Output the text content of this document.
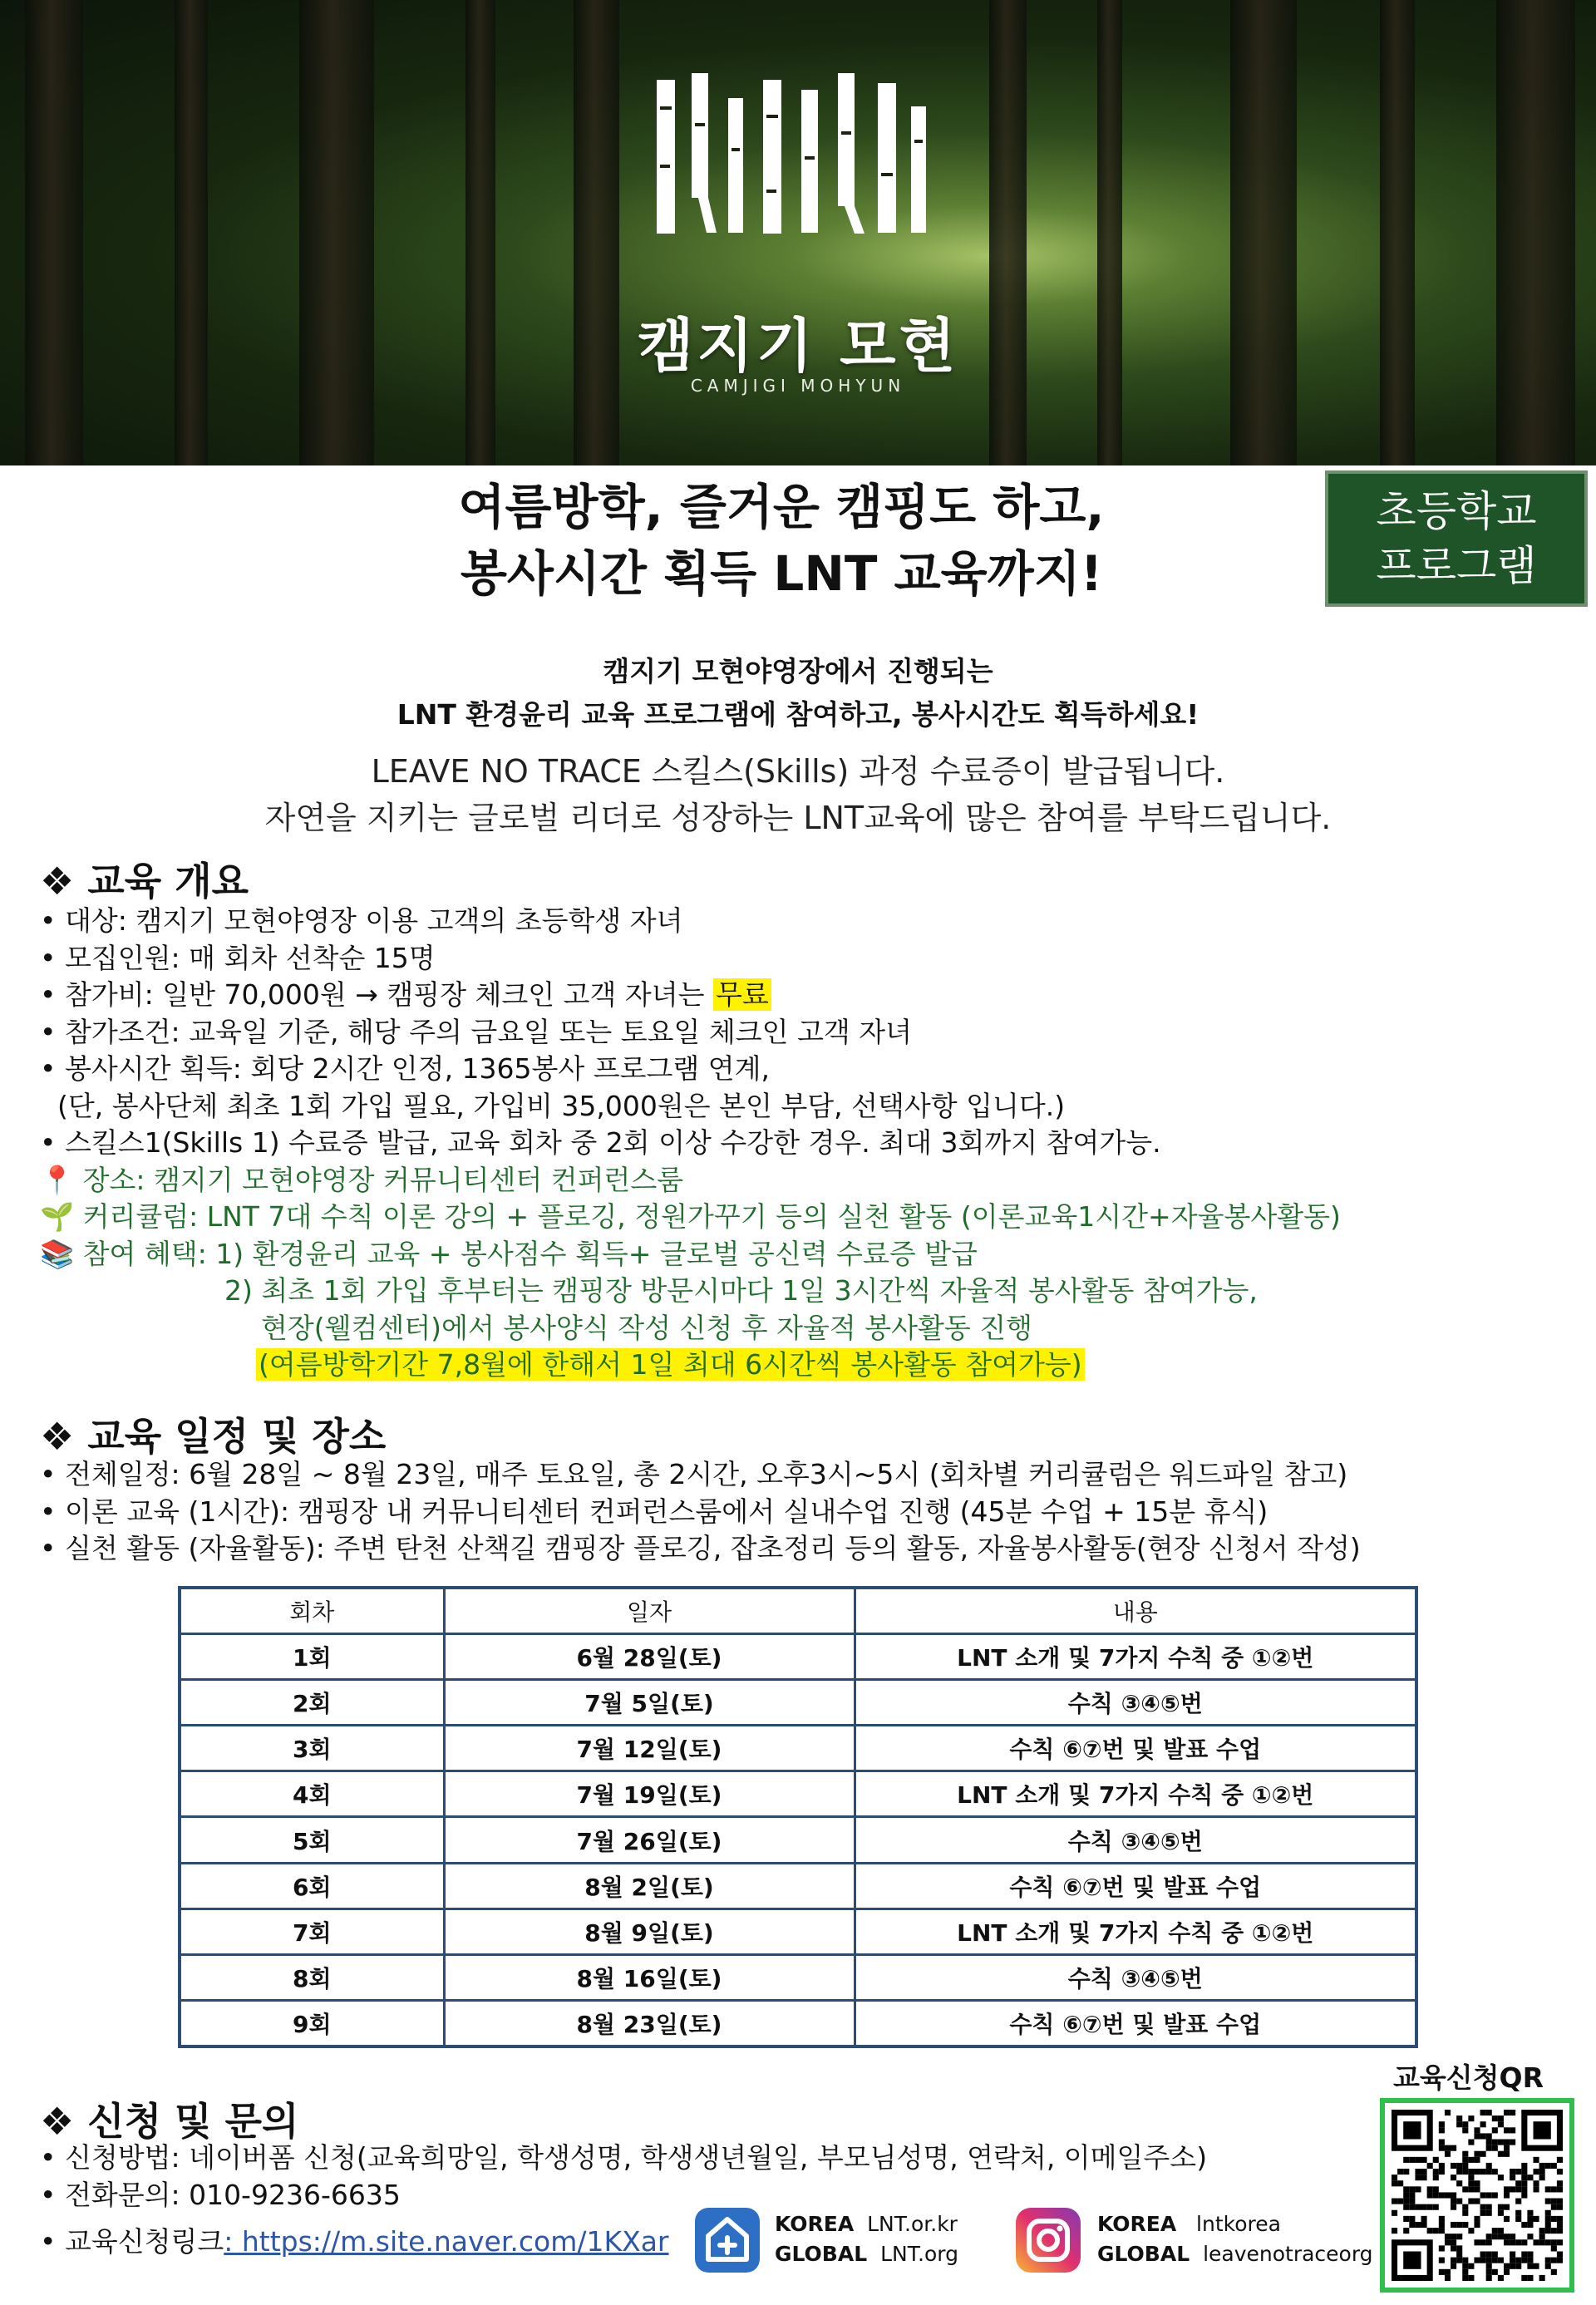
캠지기 모현
CAMJIGI MOHYUN
여름방학, 즐거운 캠핑도 하고,
봉사시간 획득 LNT 교육까지!
초등학교
프로그램
캠지기 모현야영장에서 진행되는
LNT 환경윤리 교육 프로그램에 참여하고, 봉사시간도 획득하세요!
LEAVE NO TRACE 스킬스(Skills) 과정 수료증이 발급됩니다.
자연을 지키는 글로벌 리더로 성장하는 LNT교육에 많은 참여를 부탁드립니다.
❖ 교육 개요
• 대상: 캠지기 모현야영장 이용 고객의 초등학생 자녀
• 모집인원: 매 회차 선착순 15명
• 참가비: 일반 70,000원 → 캠핑장 체크인 고객 자녀는 무료
• 참가조건: 교육일 기준, 해당 주의 금요일 또는 토요일 체크인 고객 자녀
• 봉사시간 획득: 회당 2시간 인정, 1365봉사 프로그램 연계,
(단, 봉사단체 최초 1회 가입 필요, 가입비 35,000원은 본인 부담, 선택사항 입니다.)
• 스킬스1(Skills 1) 수료증 발급, 교육 회차 중 2회 이상 수강한 경우. 최대 3회까지 참여가능.
📍 장소: 캠지기 모현야영장 커뮤니티센터 컨퍼런스룸
🌱 커리큘럼: LNT 7대 수칙 이론 강의 + 플로깅, 정원가꾸기 등의 실천 활동 (이론교육1시간+자율봉사활동)
📚 참여 혜택: 1) 환경윤리 교육 + 봉사점수 획득+ 글로벌 공신력 수료증 발급
2) 최초 1회 가입 후부터는 캠핑장 방문시마다 1일 3시간씩 자율적 봉사활동 참여가능,
현장(웰컴센터)에서 봉사양식 작성 신청 후 자율적 봉사활동 진행
(여름방학기간 7,8월에 한해서 1일 최대 6시간씩 봉사활동 참여가능)
❖ 교육 일정 및 장소
• 전체일정: 6월 28일 ~ 8월 23일, 매주 토요일, 총 2시간, 오후3시~5시 (회차별 커리큘럼은 워드파일 참고)
• 이론 교육 (1시간): 캠핑장 내 커뮤니티센터 컨퍼런스룸에서 실내수업 진행 (45분 수업 + 15분 휴식)
• 실천 활동 (자율활동): 주변 탄천 산책길 캠핑장 플로깅, 잡초정리 등의 활동, 자율봉사활동(현장 신청서 작성)
회차	일자	내용
1회	6월 28일(토)	LNT 소개 및 7가지 수칙 중 ①②번
2회	7월 5일(토)	수칙 ③④⑤번
3회	7월 12일(토)	수칙 ⑥⑦번 및 발표 수업
4회	7월 19일(토)	LNT 소개 및 7가지 수칙 중 ①②번
5회	7월 26일(토)	수칙 ③④⑤번
6회	8월 2일(토)	수칙 ⑥⑦번 및 발표 수업
7회	8월 9일(토)	LNT 소개 및 7가지 수칙 중 ①②번
8회	8월 16일(토)	수칙 ③④⑤번
9회	8월 23일(토)	수칙 ⑥⑦번 및 발표 수업
❖ 신청 및 문의
• 신청방법: 네이버폼 신청(교육희망일, 학생성명, 학생생년월일, 부모님성명, 연락처, 이메일주소)
• 전화문의: 010-9236-6635
• 교육신청링크: https://m.site.naver.com/1KXar
KOREA LNT.or.kr
GLOBAL LNT.org
KOREA lntkorea
GLOBAL leavenotraceorg
교육신청QR
